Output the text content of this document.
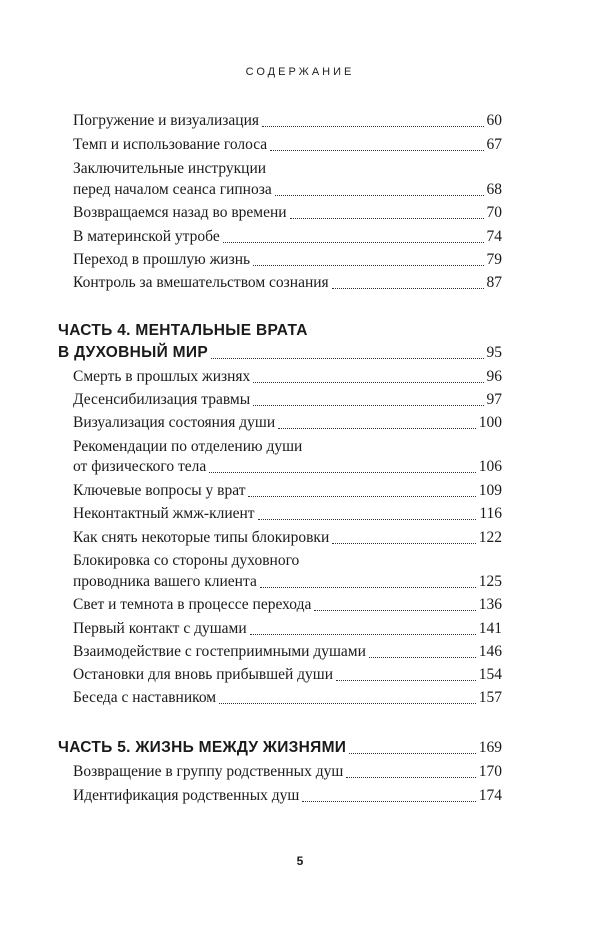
СОДЕРЖАНИЕ
Погружение и визуализация	60
Темп и использование голоса	67
Заключительные инструкции
перед началом сеанса гипноза	68
Возвращаемся назад во времени	70
В материнской утробе	74
Переход в прошлую жизнь	79
Контроль за вмешательством сознания	87
ЧАСТЬ 4. МЕНТАЛЬНЫЕ ВРАТА
В ДУХОВНЫЙ МИР	95
Смерть в прошлых жизнях	96
Десенсибилизация травмы	97
Визуализация состояния души	100
Рекомендации по отделению души
от физического тела	106
Ключевые вопросы у врат	109
Неконтактный жмж-клиент	116
Как снять некоторые типы блокировки	122
Блокировка со стороны духовного
проводника вашего клиента	125
Свет и темнота в процессе перехода	136
Первый контакт с душами	141
Взаимодействие с гостеприимными душами	146
Остановки для вновь прибывшей души	154
Беседа с наставником	157
ЧАСТЬ 5. ЖИЗНЬ МЕЖДУ ЖИЗНЯМИ	169
Возвращение в группу родственных душ	170
Идентификация родственных душ	174
5
